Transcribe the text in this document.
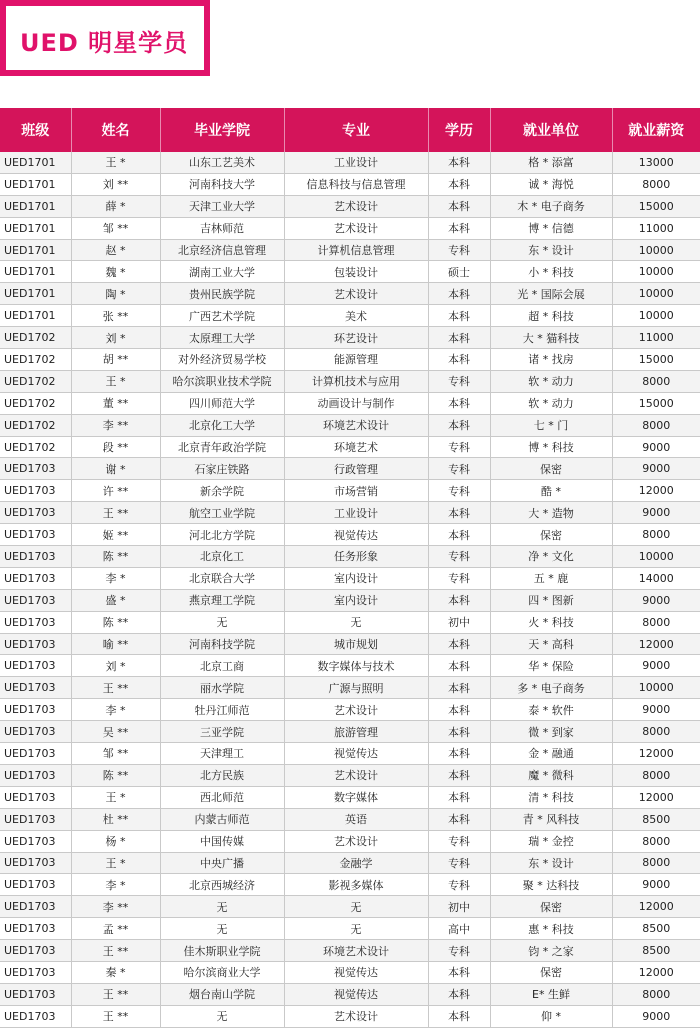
UED 明星学员
班级	姓名	毕业学院	专业	学历	就业单位	就业薪资
UED1701	王 *	山东工艺美术	工业设计	本科	格 * 添富	13000
UED1701	刘 **	河南科技大学	信息科技与信息管理	本科	诚 * 海悦	8000
UED1701	薛 *	天津工业大学	艺术设计	本科	木 * 电子商务	15000
UED1701	邹 **	吉林师范	艺术设计	本科	博 * 信德	11000
UED1701	赵 *	北京经济信息管理	计算机信息管理	专科	东 * 设计	10000
UED1701	魏 *	湖南工业大学	包装设计	硕士	小 * 科技	10000
UED1701	陶 *	贵州民族学院	艺术设计	本科	光 * 国际会展	10000
UED1701	张 **	广西艺术学院	美术	本科	超 * 科技	10000
UED1702	刘 *	太原理工大学	环艺设计	本科	大 * 猫科技	11000
UED1702	胡 **	对外经济贸易学校	能源管理	本科	诸 * 找房	15000
UED1702	王 *	哈尔滨职业技术学院	计算机技术与应用	专科	软 * 动力	8000
UED1702	董 **	四川师范大学	动画设计与制作	本科	软 * 动力	15000
UED1702	李 **	北京化工大学	环境艺术设计	本科	七 * 门	8000
UED1702	段 **	北京青年政治学院	环境艺术	专科	博 * 科技	9000
UED1703	谢 *	石家庄铁路	行政管理	专科	保密	9000
UED1703	许 **	新余学院	市场营销	专科	酷 *	12000
UED1703	王 **	航空工业学院	工业设计	本科	大 * 造物	9000
UED1703	姬 **	河北北方学院	视觉传达	本科	保密	8000
UED1703	陈 **	北京化工	任务形象	专科	净 * 文化	10000
UED1703	李 *	北京联合大学	室内设计	专科	五 * 鹿	14000
UED1703	盛 *	燕京理工学院	室内设计	本科	四 * 图新	9000
UED1703	陈 **	无	无	初中	火 * 科技	8000
UED1703	喻 **	河南科技学院	城市规划	本科	天 * 高科	12000
UED1703	刘 *	北京工商	数字媒体与技术	本科	华 * 保险	9000
UED1703	王 **	丽水学院	广源与照明	本科	多 * 电子商务	10000
UED1703	李 *	牡丹江师范	艺术设计	本科	泰 * 软件	9000
UED1703	吴 **	三亚学院	旅游管理	本科	微 * 到家	8000
UED1703	邹 **	天津理工	视觉传达	本科	金 * 融通	12000
UED1703	陈 **	北方民族	艺术设计	本科	魔 * 微科	8000
UED1703	王 *	西北师范	数字媒体	本科	清 * 科技	12000
UED1703	杜 **	内蒙古师范	英语	本科	青 * 风科技	8500
UED1703	杨 *	中国传媒	艺术设计	专科	瑞 * 金控	8000
UED1703	王 *	中央广播	金融学	专科	东 * 设计	8000
UED1703	李 *	北京西城经济	影视多媒体	专科	聚 * 达科技	9000
UED1703	李 **	无	无	初中	保密	12000
UED1703	孟 **	无	无	高中	惠 * 科技	8500
UED1703	王 **	佳木斯职业学院	环境艺术设计	专科	钧 * 之家	8500
UED1703	秦 *	哈尔滨商业大学	视觉传达	本科	保密	12000
UED1703	王 **	烟台南山学院	视觉传达	本科	E* 生鲜	8000
UED1703	王 **	无	艺术设计	本科	仰 *	9000
